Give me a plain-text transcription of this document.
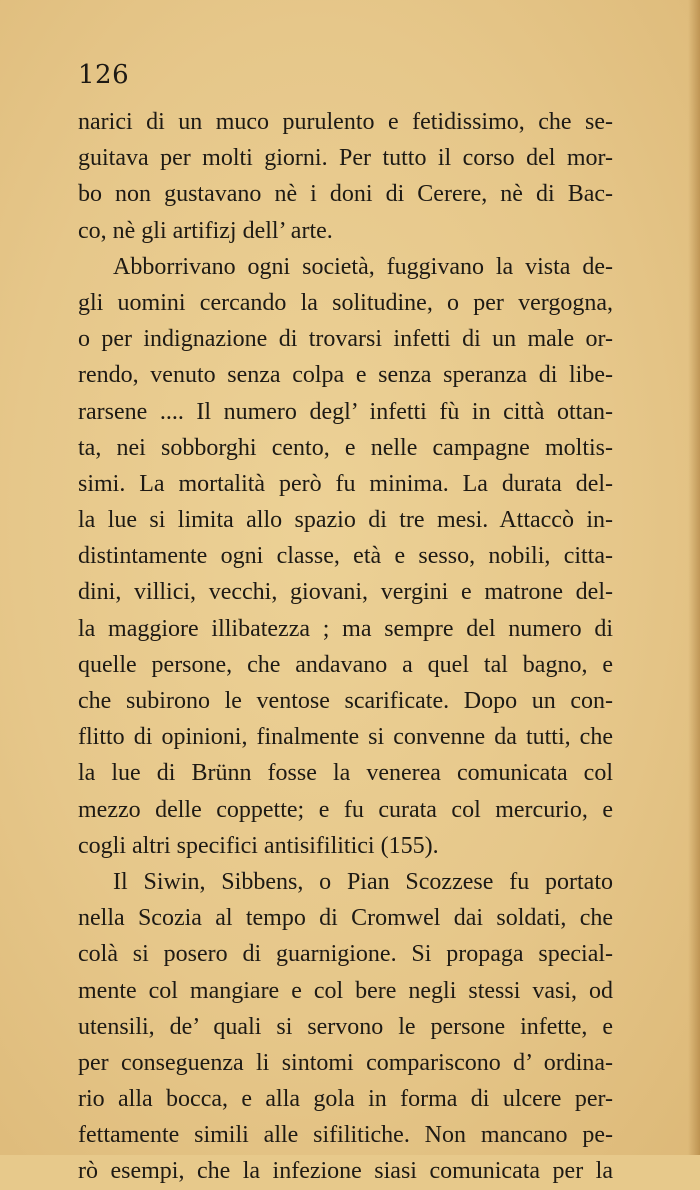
126
narici di un muco purulento e fetidissimo, che se-
guitava per molti giorni. Per tutto il corso del mor-
bo non gustavano nè i doni di Cerere, nè di Bac-
co, nè gli artifizj dell’ arte.
Abborrivano ogni società, fuggivano la vista de-
gli uomini cercando la solitudine, o per vergogna,
o per indignazione di trovarsi infetti di un male or-
rendo, venuto senza colpa e senza speranza di libe-
rarsene .... Il numero degl’ infetti fù in città ottan-
ta, nei sobborghi cento, e nelle campagne moltis-
simi. La mortalità però fu minima. La durata del-
la lue si limita allo spazio di tre mesi. Attaccò in-
distintamente ogni classe, età e sesso, nobili, citta-
dini, villici, vecchi, giovani, vergini e matrone del-
la maggiore illibatezza ; ma sempre del numero di
quelle persone, che andavano a quel tal bagno, e
che subirono le ventose scarificate. Dopo un con-
flitto di opinioni, finalmente si convenne da tutti, che
la lue di Brünn fosse la venerea comunicata col
mezzo delle coppette; e fu curata col mercurio, e
cogli altri specifici antisifilitici (155).
Il Siwin, Sibbens, o Pian Scozzese fu portato
nella Scozia al tempo di Cromwel dai soldati, che
colà si posero di guarnigione. Si propaga special-
mente col mangiare e col bere negli stessi vasi, od
utensili, de’ quali si servono le persone infette, e
per conseguenza li sintomi compariscono d’ ordina-
rio alla bocca, e alla gola in forma di ulcere per-
fettamente simili alle sifilitiche. Non mancano pe-
rò esempi, che la infezione siasi comunicata per la
